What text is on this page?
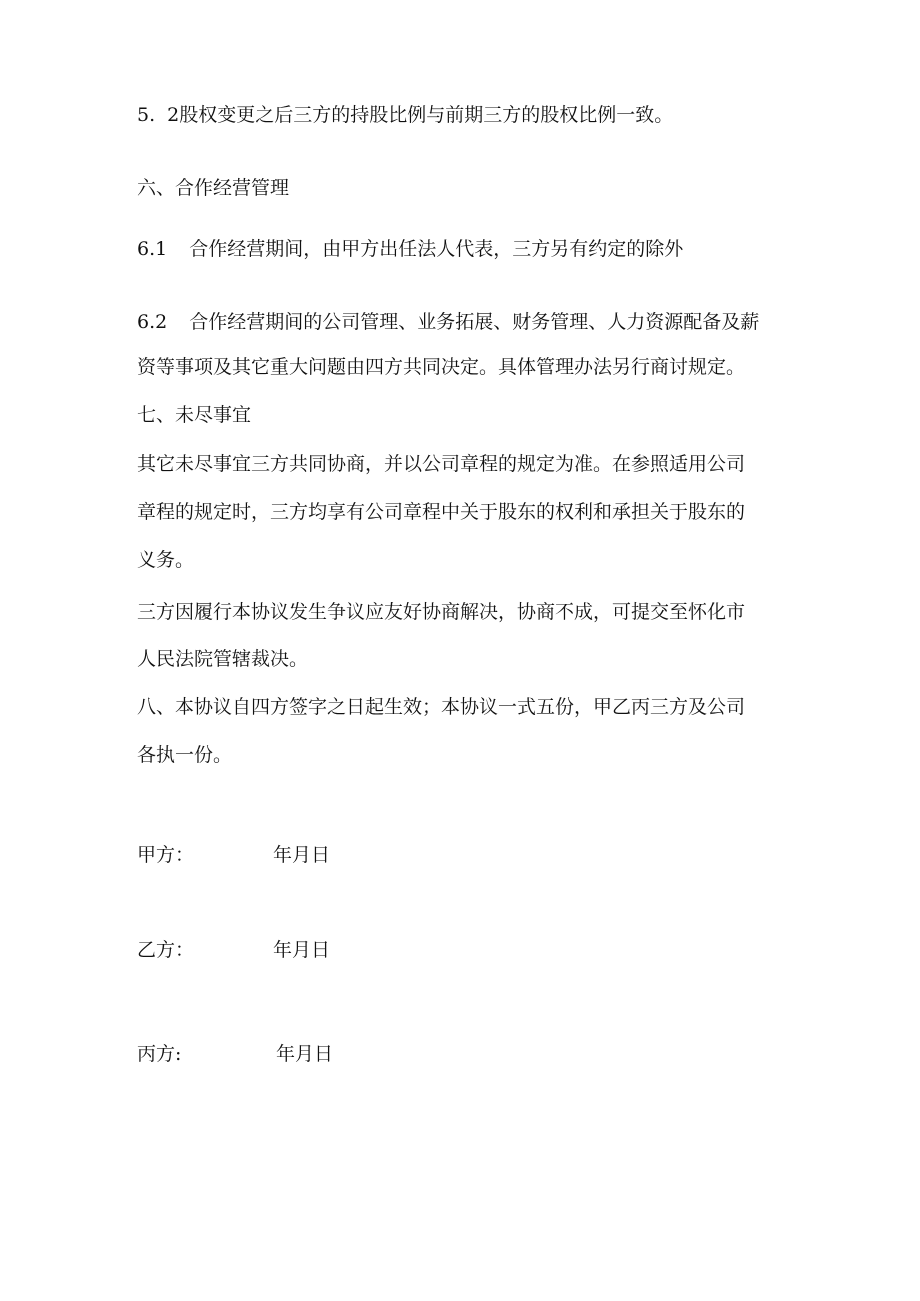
5. 2股权变更之后三方的持股比例与前期三方的股权比例一致。
六、合作经营管理
6.1 合作经营期间，由甲方出任法人代表，三方另有约定的除外
6.2 合作经营期间的公司管理、业务拓展、财务管理、人力资源配备及薪
资等事项及其它重大问题由四方共同决定。具体管理办法另行商讨规定。
七、未尽事宜
其它未尽事宜三方共同协商，并以公司章程的规定为准。在参照适用公司
章程的规定时，三方均享有公司章程中关于股东的权利和承担关于股东的
义务。
三方因履行本协议发生争议应友好协商解决，协商不成，可提交至怀化市
人民法院管辖裁决。
八、本协议自四方签字之日起生效；本协议一式五份，甲乙丙三方及公司
各执一份。
甲方：	年月日
乙方：	年月日
丙方:	年月日
